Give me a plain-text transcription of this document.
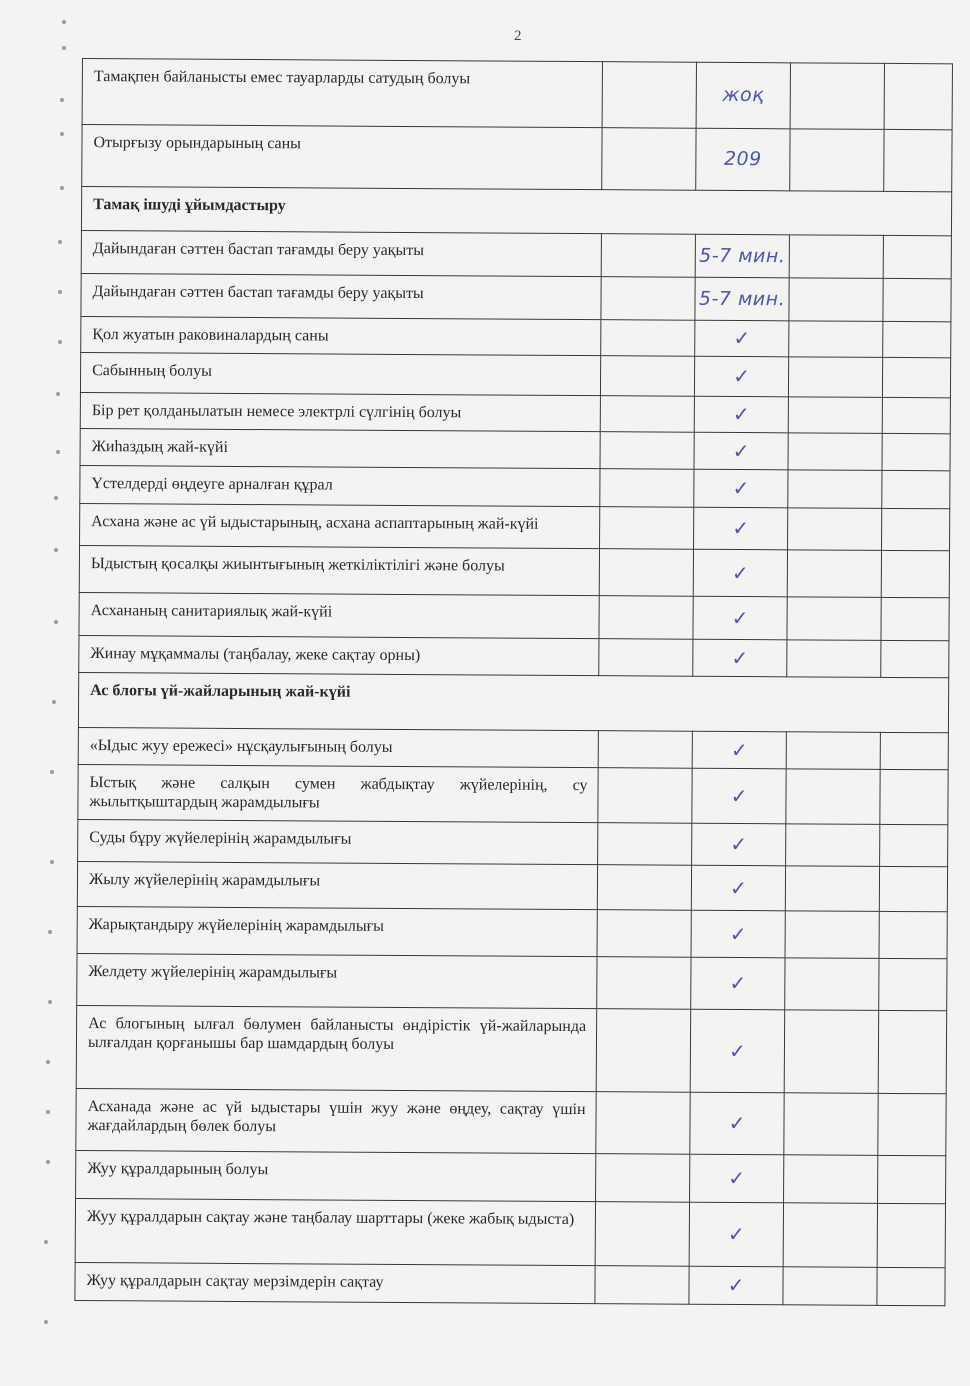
2
Тамақпен байланысты емес тауарларды сатудың болуы		жоқ		
Отырғызу орындарының саны		209		

Тамақ ішуді ұйымдастыру				

Дайындаған сәттен бастап тағамды беру уақыты		5-7 мин.		
Дайындаған сәттен бастап тағамды беру уақыты		5-7 мин.		
Қол жуатын раковиналардың саны		✓		
Сабынның болуы		✓		
Бір рет қолданылатын немесе электрлі сүлгінің болуы		✓		
Жиһаздың жай-күйі		✓		
Үстелдерді өңдеуге арналған құрал		✓		
Асхана және ас үй ыдыстарының, асхана аспаптарының жай-күйі		✓		
Ыдыстың қосалқы жиынтығының жеткіліктілігі және болуы		✓		
Асхананың санитариялық жай-күйі		✓		
Жинау мұқаммалы (таңбалау, жеке сақтау орны)		✓		

Ас блогы үй-жайларының жай-күйі				

«Ыдыс жуу ережесі» нұсқаулығының болуы		✓		
Ыстық және салқын сумен жабдықтау жүйелерінің, су жылытқыштардың жарамдылығы		✓		
Суды бұру жүйелерінің жарамдылығы		✓		
Жылу жүйелерінің жарамдылығы		✓		
Жарықтандыру жүйелерінің жарамдылығы		✓		
Желдету жүйелерінің жарамдылығы		✓		
Ас блогының ылғал бөлумен байланысты өндірістік үй-жайларында ылғалдан қорғанышы бар шамдардың болуы		✓		
Асханада және ас үй ыдыстары үшін жуу және өңдеу, сақтау үшін жағдайлардың бөлек болуы		✓		
Жуу құралдарының болуы		✓		
Жуу құралдарын сақтау және таңбалау шарттары (жеке жабық ыдыста)		✓		
Жуу құралдарын сақтау мерзімдерін сақтау		✓		
